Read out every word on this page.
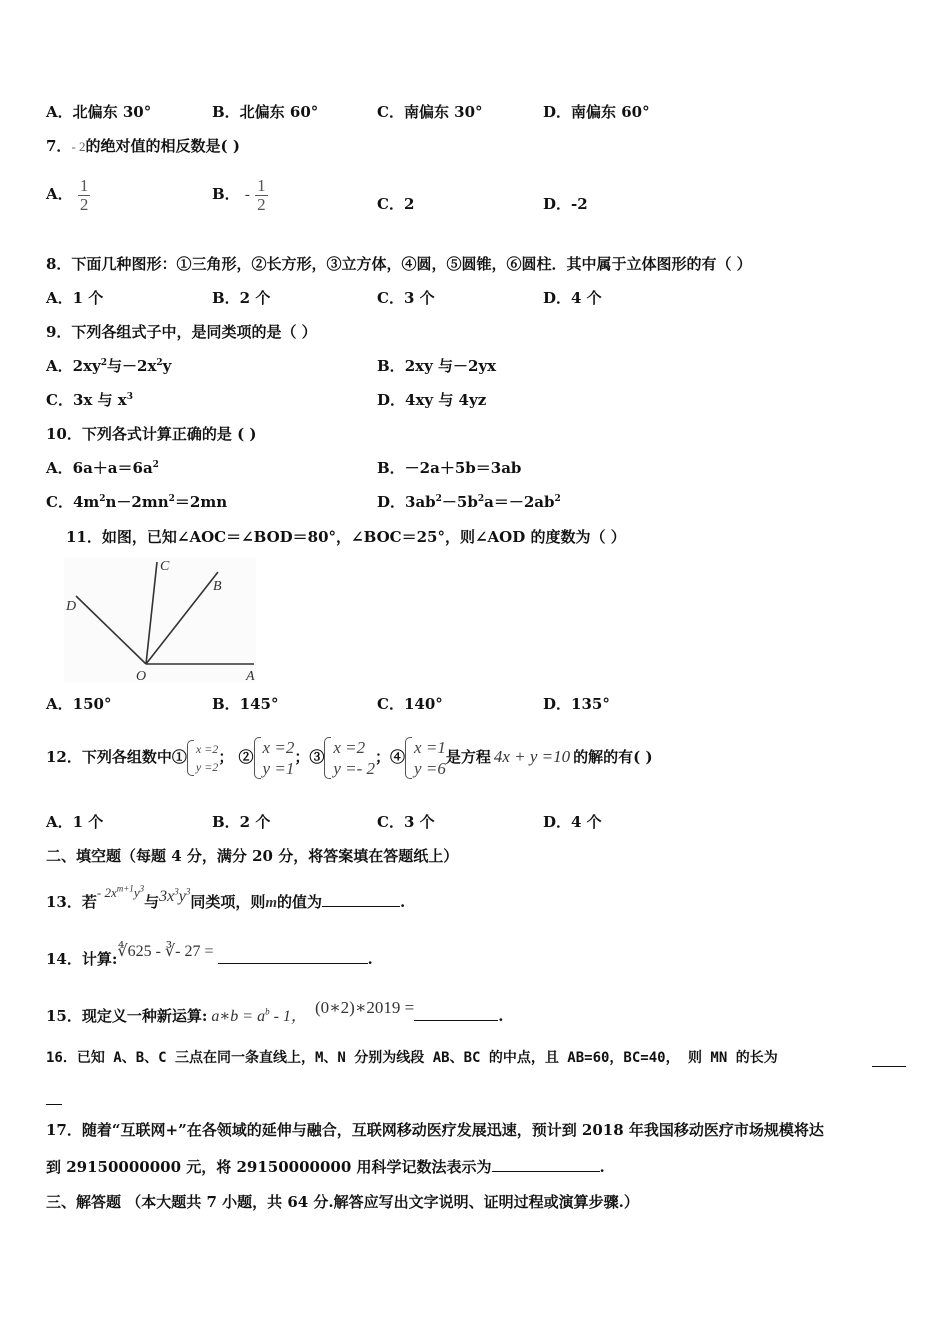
A．北偏东 30°	B．北偏东 60°	C．南偏东 30°	D．南偏东 60°
7．- 2的绝对值的相反数是( )
A． $\frac{1}{2}$	B． - $\frac{1}{2}$	C．2	D．-2
8．下面几种图形：①三角形，②长方形，③立方体，④圆，⑤圆锥，⑥圆柱．其中属于立体图形的有（ ）
A．1 个	B．2 个	C．3 个	D．4 个
9．下列各组式子中，是同类项的是（ ）
A．$2xy^2$与$-2x^2y$	B．2xy 与－2yx
C．3x 与 $x^3$	D．4xy 与 4yz
10．下列各式计算正确的是 ( )
A．$6a+a=6a^2$	B．－2a＋5b＝3ab
C．$4m^2n-2mn^2=2mn$	D．$3ab^2-5b^2a=-2ab^2$
11．如图，已知∠AOC＝∠BOD＝80°，∠BOC＝25°，则∠AOD 的度数为（ ）
C
B
D
O	A
A．150°	B．145°	C．140°	D．135°
12．下列各组数中① x =2
y =2
； ② x =2
y =1
；③ x =2
y =- 2
；④ x =1
y =6
是方程 4x + y =10 的解的有( )
A．1 个	B．2 个	C．3 个	D．4 个
二、填空题（每题 4 分，满分 20 分，将答案填在答题纸上）
13．若- $2x^{m+1}y^3$与$3x^3y^3$同类项，则m的值为	.
14．计算:∜625 - ∛- 27 =	.
15．现定义一种新运算: a∗b = $a^b - 1$， (0∗2)∗2019 =	.
16．已知 A、B、C 三点在同一条直线上，M、N 分别为线段 AB、BC 的中点，且 AB=60，BC=40， 则 MN 的长为
17．随着“互联网+”在各领域的延伸与融合，互联网移动医疗发展迅速，预计到 2018 年我国移动医疗市场规模将达
到 29150000000 元，将 29150000000 用科学记数法表示为	.
三、解答题 （本大题共 7 小题，共 64 分.解答应写出文字说明、证明过程或演算步骤.）
